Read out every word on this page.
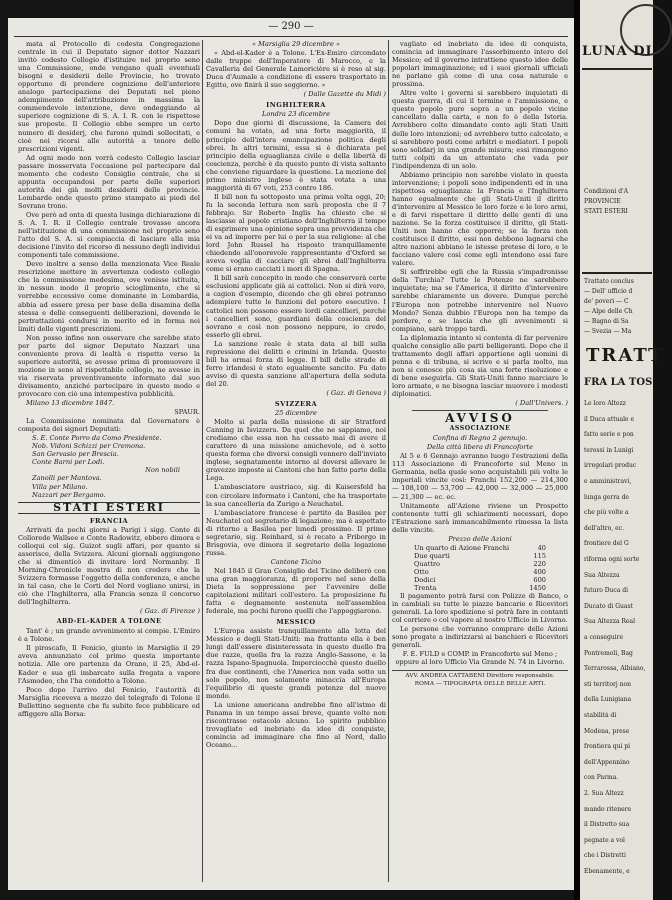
— 290 —

mata al Protocollo di codesta Congregazione centrale in cui il Deputato signor dottor Nazzari invitò codesto Collegio d'istituire nel proprio seno una Commissione, onde vengano quali eventuali bisogni e desiderii delle Provincie, ho trovato opportuno di prendere cognizione dell'anteriore analogo partecipazione dei Deputati nel pieno adempimento dell'attribuzione in massima la commendevole intenzione, deve ondeggiando al superiore cognizione di S. A. I. R. con le rispettose sue proposte. Il Collegio ebbe sempre un certo numero di desiderj, che furono quindi sollecitati, e cioè nei ricorsi alle autorità a tenore delle prescrizioni vigenti.

Ad ogni modo non vorrà codesto Collegio lasciar passare inosservata l'occasione pel partecipare dal momento che codesto Consiglio centrale, che si appunta occupandosi per parte delle superiori autorità dei già molti desiderii delle provincie. Lombarde onde questo primo stampato ai piedi del Sovrano trono.

Ove però ad onta di questa lusinga dichiarazione di S. A. I. R. il Collegio centrale trovasse ancora nell'istituzione di una commissione nel proprio seno l'atto del S. A. si compiaccia di lasciare alla mia decisione l'invito del ricorso di nessuno degli individui componenti tale commissione.

Devo inoltre a senso della menzionata Vice Reale rescrizione mettere in avvertenza codesto collegio che la commissione medesima, ove venisse istituita, in nessun modo il proprio scioglimento, che si vorrebbe eccessivo come dominante in Lombardia, abbia ad essere presa per base della disamina della stessa e delle conseguenti deliberazioni, dovendo le pertrattazioni condursi in merito ed in forma nei limiti delle vigenti prescrizioni.

Non posso infine non osservare che sarebbe stato per parte del signor Deputato Nazzari una conveniente prova di lealtà e rispetto verso la superiore autorità, se avesse prima di promuovere il mozione in seno al rispettabile collegio, ne avesse in via riservata preventivamente informato dal suo divisamento, anziché partecipare in questo modo e provocare con ciò una intempestiva pubblicità.

Milano 13 dicembre 1847.

SPAUR.

La Commissione nominata dal Governatore è composta dei signori Deputati:

S. E. Conte Porro da Como Presidente.
Nob. Vidoni Schizzi per Cremona.
San Gervasio per Brescia.
Conte Barni per Lodi.
Non nobili
Zanolli per Mantova.
Villa per Milano.
Nazzari per Bergamo.
STATI ESTERI
FRANCIA

Arrivati da pochi giorni a Parigi i sigg. Conte di Collorede Wallsee e Conte Radowitz, ebbero dimora e colloqui col sig. Guizot sugli affari, per quanto si asserisce, della Svizzera. Alcuni giornali aggiungono che si dimenticò di invitare lord Normanby. Il Morning-Chronicle mostra di non credere che la Svizzera formasse l'oggetto della conferenza, e anche in tal caso, che le Corti del Nord vogliano unirsi, in ciò che l'Inghilterra, alla Francia senza il concorso dell'Inghilterra.

( Gaz. di Firenze )

ABD-EL-KADER A TOLONE

Tant' è ; un grande avvenimento si compie. L'Emiro è a Tolone.

Il piroscafo, Il Fenicio, giunto in Marsiglia il 29 aveva annunziato col primo questa importante notizia. Alle ore partenza da Orano, il 25, Abd-el-Kader e sua gli imbarcato sulla fregata a vapore l'Asmodeo, che l'ha condotto a Tolone.

Poco dopo l'arrivo del Fenicio, l'autorità di Marsiglia riceveva a mezzo del telegrafo di Tolone il Bullettino seguente che fu subito fece pubblicare ed affiggere alla Borsa:

« Marsiglia 29 dicembre »

« Abd-el-Kader è a Tolone. L'Ex-Emiro circondato dalle truppe dell'Imperatore di Marocco, e la Cavalleria del Generale Lamoricière si è reso al sig. Duca d'Aumale a condizione di essere trasportato in Egitto, ove finirà il suo soggiorno. »

( Dalle Gazette du Midi )

INGHILTERRA

Londra 23 dicembre

Dopo due giorni di discussione, la Camera dei comuni ha votato, ad una forte maggiorità, il principio dell'intera emancipazione politica degli ebrei. In altri termini, essa si è dichiarata pel principio della eguaglianza civile e della libertà di coscienza, perchè è da questo punto di vista soltanto che conviene riguardare la questione. La mozione del primo ministro inglese è stata votata a una maggiorità di 67 voti, 253 contro 186.

Il bill non fu sottoposto una prima volta oggi, 20; fu la seconda lettura non sarà proposta che il 7 febbrajo. Sir Roberto Inglis ha chiesto che si lasciasse al popolo cristiano dell'Inghilterra il tempo di esprimere una opinione sopra una provvidenza che ei va ad imporre per lui o per la sua religione: al che lord John Russel ha risposto tranquillamente chiedendo all'onorevole rappresentante d'Oxford se aveva voglia di cacciare gli ebrei dall'Inghilterra come si erano cacciati i mori di Spagna.

Il bill sarà concepito in modo che conserverà certe esclusioni applicate già ai cattolici. Non si dirà vero, a cagion d'esempio, dicendo che gli ebrei potranno adempiere tutte le funzioni del potere esecutivo. I cattolici non possono essere lordi cancellieri, perchè i cancellieri sono, guardiani della coscienza del sovrano e così non possono neppure, io credo, esserlo gli ebrei.

La sanzione reale è stata data al bill sulla repressione dei delitti e crimini in Irlanda. Questo bill ha ormai forza di legge. Il bill delle strade di ferro irlandesi è stato egualmente sancito. Fu dato avviso di questa sanzione all'apertura della seduta del 20.

( Gaz. di Genova )

SVIZZERA

25 dicembre

Molto si parla della missione di sir Stratford Canning in Isvizzera. Da quel che ne sappiamo, noi crediamo che essa non ha cessato mai di avere il carattere di una missione amichevole, ed è sotto questa forma che diversi consigli vennero dall'inviato inglese, segnatamente intorno al doversi allevare le gravezze imposte ai Cantoni che han fatto parte della Lega.

L'ambasciatore austriaco, sig. di Kaisersfeld ha con circolare informato i Cantoni, che ha trasportato la sua cancelleria da Zurigo a Neuchatel.

L'ambasciatore francese è partito da Basilea per Neuchatel col segretario di legazione; ma è aspettato di ritorno a Basilea per lunedì prossimo. Il primo segretario, sig. Reinhard, si è recato a Friborgo in Brisgovia, ove dimora il segretario della legazione russa.

Cantone Ticino

Nel 1845 il Gran Consiglio del Ticino deliberò con una gran maggioranza, di proporre nel seno della Dieta la soppressione per l'avvenire delle capitolazioni militari coll'estero. La proposizione fu fatta e degnamente sostenuta nell'assemblea federale, ma pochi furono quelli che l'appoggiarono.

MESSICO

L'Europa assiste tranquillamente alla lotta del Messico e degli Stati-Uniti: ma frattanto ella è ben lungi dall'essere disinteressata in questo duello fra due razze, quella fra la razza Anglo-Sassone, e la razza Ispano-Spagnuola. Imperciocchè questo duello fra due continenti, che l'America non vada sotto un solo popolo, non solamente minaccia all'Europa l'equilibrio di queste grandi potenze del nuovo mondo.

La unione americana andrebbe fino all'istmo di Panama in un tempo assai breve, quante volte non riscontrasse ostacolo alcuno. Lo spirito pubblico trovagliato ed inebriato da idee di conquiste, comincia ad immaginare che fino al Nord, dallo Oceano...

vagliato ed inebriato da idee di conquista, comincia ad immaginare l'assorbimento intero del Messico; ed il governo intrattiene questo idee delle popolari immaginazione; ed i suoi giornali ufficiali ne parlano già come di una cosa naturale e prossima.

Altre volte i governi si sarebbero inquietati di questa guerra, di cui il termine e l'ammissione, e questo popolo pure sopra a un popolo vicine cancellato dalla carta, e non fo è della Istoria. Avrebbero colto dimandato conto agli Stati Uniti delle loro intenzioni; ed avrebbero tutto calcolato, e si sarebbero posti come arbitri e mediatori. I popoli sono solidarj in una grande misura; essi rimangono tutti colpiti da un attentato che vada per l'indipendenza di un solo.

Abbiamo principio non sarebbe violato in questa intervenzione; i popoli sono indipendenti ed in una rispettosa eguaglianza: la Francia e l'Inghilterra hanno egualmente che gli Stati-Uniti il diritto d'intervenire al Messico le loro forze e le loro armi, e di farvi rispettare il diritto delle genti di una nazione. Se la forza costituisce il diritto, gli Stati-Uniti non hanno che opporre; se la forza non costituisce il diritto, essi non debbono lagnarsi che altre nazioni abbiano le istesse pretese di loro, e le facciano valere così come egli intendono essi fare valere.

Si soffrirebbe egli che la Russia s'impadronisse della Turchia? Tutte le Potenze ne sarebbero inquietate; ma se l'America, il diritto d'intervenire sarebbe chiaramente un dovere. Dunque perchè l'Europa non potrebbe intervenire nel Nuovo Mondo? Senza dubbio l'Europa non ha tempo da perdere, e se lascia che gli avvenimenti si compiano, sarà troppo tardi.

La diplomazia intanto si contenta di far pervenire qualche consiglio alle parti belligeranti. Dopo che il trattamento degli affari appartiene agli uomini di penna e di tribuna, si scrive e si parla molto, ma non si conosce più cosa sia una forte risoluzione e di bene eseguirla. Gli Stati-Uniti fanno marciare le loro armate, e ne bisogna lasciar muovere i modesti diplomatici.

( Dall'Univers. )

AVVISO
ASSOCIAZIONE

Confina di Regno 2 gennajo.

Della città libera di Francoforte

Al 5 e 6 Gennajo avranno luogo l'estrazioni della 113 Associazione di Francoforte sul Meno in Germania, nella quale sono acquistabili più volte le imperiali vincite così: Franchi 152,200 — 214,300 — 108,100 — 53,700 — 42,000 — 32,000 — 25,000 — 21,300 — ec. ec.

Unitamente all'Azione riviene un Prospetto contenente tutti gli schiarimenti necessari, dopo l'Estrazione sarà immancabilmente rimessa la lista delle vincite.

Prezzo delle Azioni

Un quarto di Azione Franchi	40
Due quarti	115
Quattro	220
Otto	400
Dodici	600
Trenta	1450

Il pagamento potrà farsi con Polizze di Banco, o in cambiali su tutte le piazze bancarie e Ricevitori generali. La loro spedizione si potrà fare in contanti col corriere o col vapore al nostro Ufficio in Livorno.

Le persone che vorranno comprare delle Azioni sono pregate a indirizzarsi ai banchieri e Ricevitori generali.

F. E. FULD e COMP. in Francoforte sul Meno ; oppure al loro Ufficio Via Grande N. 74 in Livorno.

AVV. ANDREA CATTABENI Direttore responsabile.
ROMA — TIPOGRAFIA DELLE BELLE ARTI.
LUNA DI
Condizioni d'A
PROVINCIE
STATI ESTERI
Trattato conclus
— Dell' ufficio d
de' poveri — C
— Alpe delle Ch
— Bagno di Sa
— Svezia — Ma
TRATT
FRA LA TOS
Le loro Altezz
il Duca attuale e
fatto serie e pon
teressi in Lunigi
irregolari produc
e amministravi,
lunga gerra de
che più volte a
dell'altro, ec.
frontiere del G
riforma ogni sorte
Sua Altezza
futuro Duca di
Ducato di Guast
Sua Altezza Real
a conseguire
Pontremoli, Bag
Terrarossa, Albiano,
sti territorj non
della Lunigiana
stabilità di
Modena, prese
frontiera qui pi
dell'Appennino
con Parma.
2. Sua Altezz
mando ritenere
il Distretto sua
pegnate a vol
che i Distretti
Ebenamente, e
